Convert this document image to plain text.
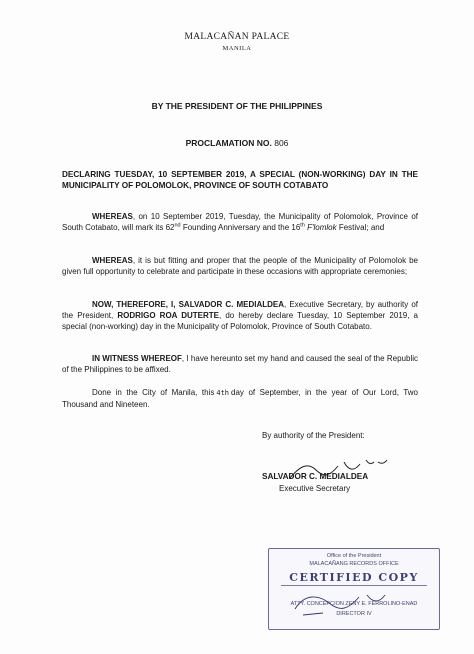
MALACAÑAN PALACE
MANILA
BY THE PRESIDENT OF THE PHILIPPINES
PROCLAMATION NO. 806
DECLARING TUESDAY, 10 SEPTEMBER 2019, A SPECIAL (NON-WORKING) DAY IN THE MUNICIPALITY OF POLOMOLOK, PROVINCE OF SOUTH COTABATO
WHEREAS, on 10 September 2019, Tuesday, the Municipality of Polomolok, Province of South Cotabato, will mark its 62nd Founding Anniversary and the 16th F'lomlok Festival; and
WHEREAS, it is but fitting and proper that the people of the Municipality of Polomolok be given full opportunity to celebrate and participate in these occasions with appropriate ceremonies;
NOW, THEREFORE, I, SALVADOR C. MEDIALDEA, Executive Secretary, by authority of the President, RODRIGO ROA DUTERTE, do hereby declare Tuesday, 10 September 2019, a special (non-working) day in the Municipality of Polomolok, Province of South Cotabato.
IN WITNESS WHEREOF, I have hereunto set my hand and caused the seal of the Republic of the Philippines to be affixed.
Done in the City of Manila, this 4th day of September, in the year of Our Lord, Two Thousand and Nineteen.
By authority of the President:
SALVADOR C. MEDIALDEA
Executive Secretary
Office of the President
MALACAÑANG RECORDS OFFICE
CERTIFIED COPY
ATTY. CONCEPCION ZENY E. FERROLINO-ENAD
DIRECTOR IV
